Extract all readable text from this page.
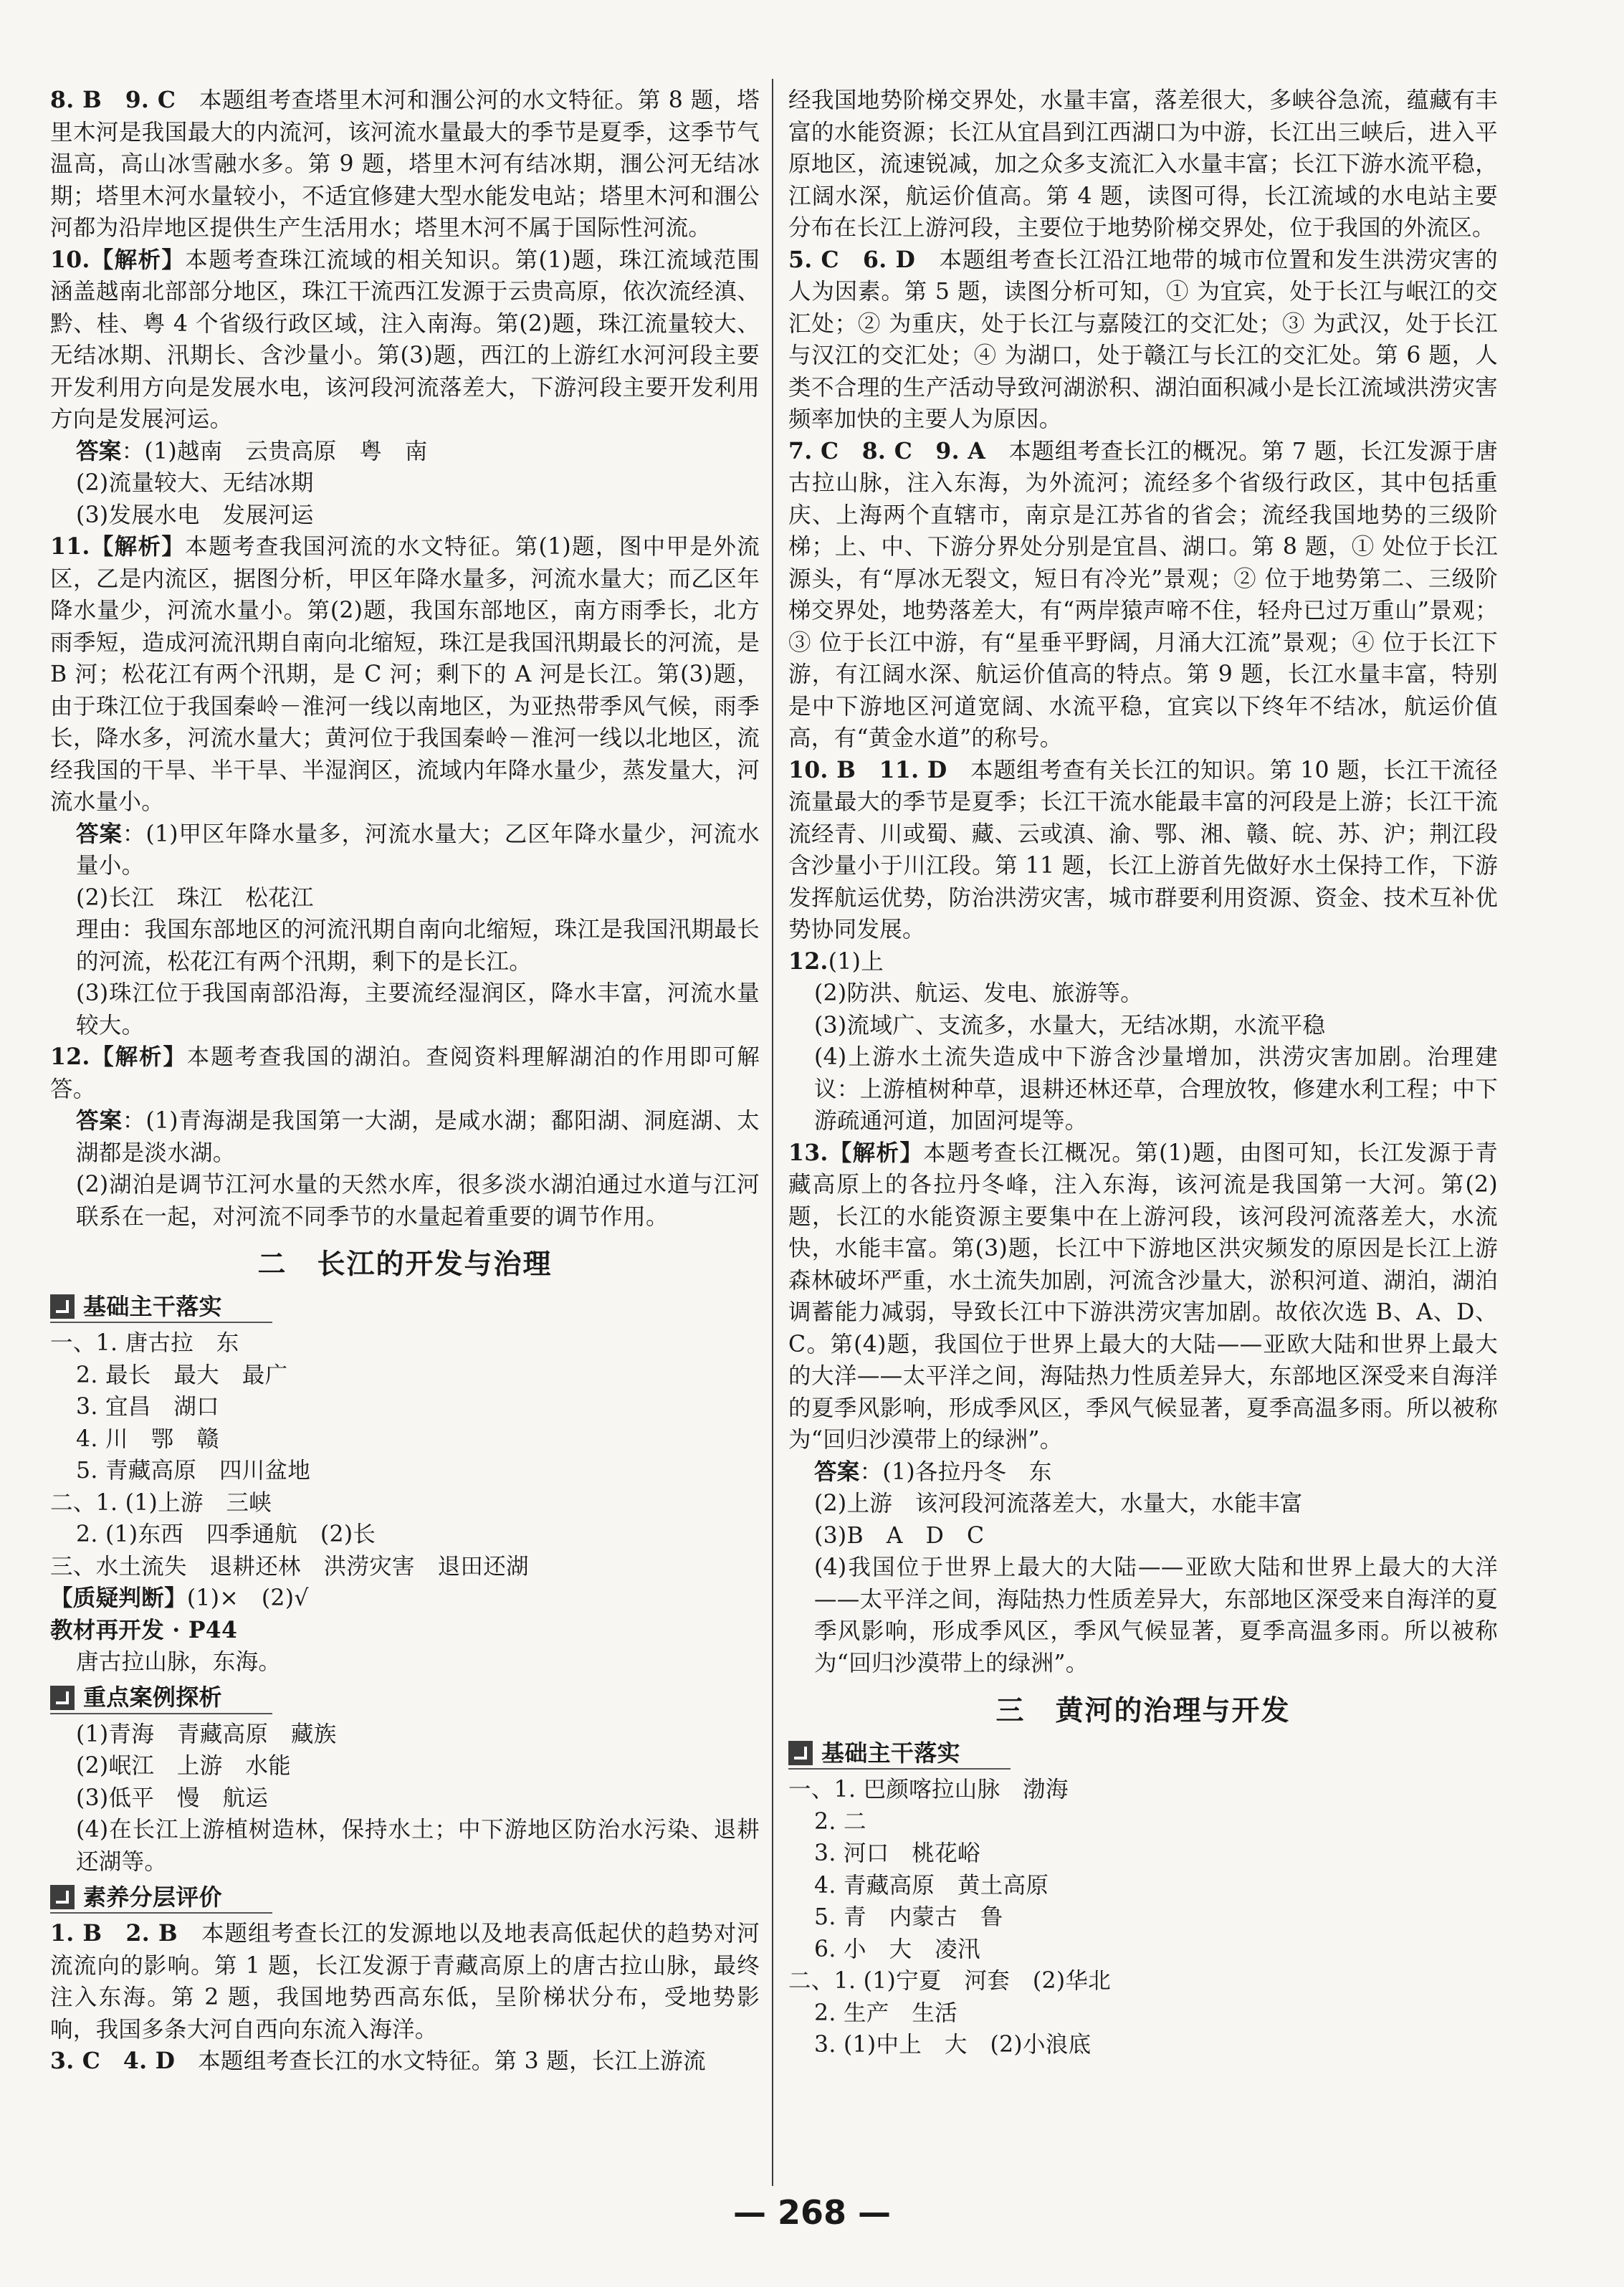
8. B　9. C　 本题组考查塔里木河和涠公河的水文特征。第 8 题，塔里木河是我国最大的内流河，该河流水量最大的季节是夏季，这季节气温高，高山冰雪融水多。第 9 题，塔里木河有结冰期，涠公河无结冰期；塔里木河水量较小，不适宜修建大型水能发电站；塔里木河和涠公河都为沿岸地区提供生产生活用水；塔里木河不属于国际性河流。

10.【解析】本题考查珠江流域的相关知识。第(1)题，珠江流域范围涵盖越南北部部分地区，珠江干流西江发源于云贵高原，依次流经滇、黔、桂、粤 4 个省级行政区域，注入南海。第(2)题，珠江流量较大、无结冰期、汛期长、含沙量小。第(3)题，西江的上游红水河河段主要开发利用方向是发展水电，该河段河流落差大，下游河段主要开发利用方向是发展河运。

答案：(1)越南　云贵高原　粤　南

(2)流量较大、无结冰期

(3)发展水电　发展河运

11.【解析】本题考查我国河流的水文特征。第(1)题，图中甲是外流区，乙是内流区，据图分析，甲区年降水量多，河流水量大；而乙区年降水量少，河流水量小。第(2)题，我国东部地区，南方雨季长，北方雨季短，造成河流汛期自南向北缩短，珠江是我国汛期最长的河流，是 B 河；松花江有两个汛期，是 C 河；剩下的 A 河是长江。第(3)题，由于珠江位于我国秦岭－淮河一线以南地区，为亚热带季风气候，雨季长，降水多，河流水量大；黄河位于我国秦岭－淮河一线以北地区，流经我国的干旱、半干旱、半湿润区，流域内年降水量少，蒸发量大，河流水量小。

答案：(1)甲区年降水量多，河流水量大；乙区年降水量少，河流水量小。

(2)长江　珠江　松花江

理由：我国东部地区的河流汛期自南向北缩短，珠江是我国汛期最长的河流，松花江有两个汛期，剩下的是长江。

(3)珠江位于我国南部沿海，主要流经湿润区，降水丰富，河流水量较大。

12.【解析】本题考查我国的湖泊。查阅资料理解湖泊的作用即可解答。

答案：(1)青海湖是我国第一大湖，是咸水湖；鄱阳湖、洞庭湖、太湖都是淡水湖。

(2)湖泊是调节江河水量的天然水库，很多淡水湖泊通过水道与江河联系在一起，对河流不同季节的水量起着重要的调节作用。

二 长江的开发与治理
基础主干落实

一、1. 唐古拉　东

2. 最长　最大　最广

3. 宜昌　湖口

4. 川　鄂　赣

5. 青藏高原　四川盆地

二、1. (1)上游　三峡

2. (1)东西　四季通航　(2)长

三、水土流失　退耕还林　洪涝灾害　退田还湖

【质疑判断】(1)×　(2)√

教材再开发 · P44

唐古拉山脉，东海。

重点案例探析

(1)青海　青藏高原　藏族

(2)岷江　上游　水能

(3)低平　慢　航运

(4)在长江上游植树造林，保持水土；中下游地区防治水污染、退耕还湖等。

素养分层评价

1. B　2. B　 本题组考查长江的发源地以及地表高低起伏的趋势对河流流向的影响。第 1 题，长江发源于青藏高原上的唐古拉山脉，最终注入东海。第 2 题，我国地势西高东低，呈阶梯状分布，受地势影响，我国多条大河自西向东流入海洋。

3. C　4. D　 本题组考查长江的水文特征。第 3 题，长江上游流

经我国地势阶梯交界处，水量丰富，落差很大，多峡谷急流，蕴藏有丰富的水能资源；长江从宜昌到江西湖口为中游，长江出三峡后，进入平原地区，流速锐减，加之众多支流汇入水量丰富；长江下游水流平稳，江阔水深，航运价值高。第 4 题，读图可得，长江流域的水电站主要分布在长江上游河段，主要位于地势阶梯交界处，位于我国的外流区。

5. C　6. D　 本题组考查长江沿江地带的城市位置和发生洪涝灾害的人为因素。第 5 题，读图分析可知，① 为宜宾，处于长江与岷江的交汇处；② 为重庆，处于长江与嘉陵江的交汇处；③ 为武汉，处于长江与汉江的交汇处；④ 为湖口，处于赣江与长江的交汇处。第 6 题，人类不合理的生产活动导致河湖淤积、湖泊面积减小是长江流域洪涝灾害频率加快的主要人为原因。

7. C　8. C　9. A　 本题组考查长江的概况。第 7 题，长江发源于唐古拉山脉，注入东海，为外流河；流经多个省级行政区，其中包括重庆、上海两个直辖市，南京是江苏省的省会；流经我国地势的三级阶梯；上、中、下游分界处分别是宜昌、湖口。第 8 题，① 处位于长江源头，有“厚冰无裂文，短日有冷光”景观；② 位于地势第二、三级阶梯交界处，地势落差大，有“两岸猿声啼不住，轻舟已过万重山”景观；③ 位于长江中游，有“星垂平野阔，月涌大江流”景观；④ 位于长江下游，有江阔水深、航运价值高的特点。第 9 题，长江水量丰富，特别是中下游地区河道宽阔、水流平稳，宜宾以下终年不结冰，航运价值高，有“黄金水道”的称号。

10. B　11. D　 本题组考查有关长江的知识。第 10 题，长江干流径流量最大的季节是夏季；长江干流水能最丰富的河段是上游；长江干流流经青、川或蜀、藏、云或滇、渝、鄂、湘、赣、皖、苏、沪；荆江段含沙量小于川江段。第 11 题，长江上游首先做好水土保持工作，下游发挥航运优势，防治洪涝灾害，城市群要利用资源、资金、技术互补优势协同发展。

12.(1)上

(2)防洪、航运、发电、旅游等。

(3)流域广、支流多，水量大，无结冰期，水流平稳

(4)上游水土流失造成中下游含沙量增加，洪涝灾害加剧。治理建议：上游植树种草，退耕还林还草，合理放牧，修建水利工程；中下游疏通河道，加固河堤等。

13.【解析】本题考查长江概况。第(1)题，由图可知，长江发源于青藏高原上的各拉丹冬峰，注入东海，该河流是我国第一大河。第(2)题，长江的水能资源主要集中在上游河段，该河段河流落差大，水流快，水能丰富。第(3)题，长江中下游地区洪灾频发的原因是长江上游森林破坏严重，水土流失加剧，河流含沙量大，淤积河道、湖泊，湖泊调蓄能力减弱，导致长江中下游洪涝灾害加剧。故依次选 B、A、D、C。第(4)题，我国位于世界上最大的大陆——亚欧大陆和世界上最大的大洋——太平洋之间，海陆热力性质差异大，东部地区深受来自海洋的夏季风影响，形成季风区，季风气候显著，夏季高温多雨。所以被称为“回归沙漠带上的绿洲”。

答案：(1)各拉丹冬　东

(2)上游　该河段河流落差大，水量大，水能丰富

(3)B　A　D　C

(4)我国位于世界上最大的大陆——亚欧大陆和世界上最大的大洋——太平洋之间，海陆热力性质差异大，东部地区深受来自海洋的夏季风影响，形成季风区，季风气候显著，夏季高温多雨。所以被称为“回归沙漠带上的绿洲”。

三 黄河的治理与开发
基础主干落实

一、1. 巴颜喀拉山脉　渤海

2. 二

3. 河口　桃花峪

4. 青藏高原　黄土高原

5. 青　内蒙古　鲁

6. 小　大　凌汛

二、1. (1)宁夏　河套　(2)华北

2. 生产　生活

3. (1)中上　大　(2)小浪底

— 268 —
